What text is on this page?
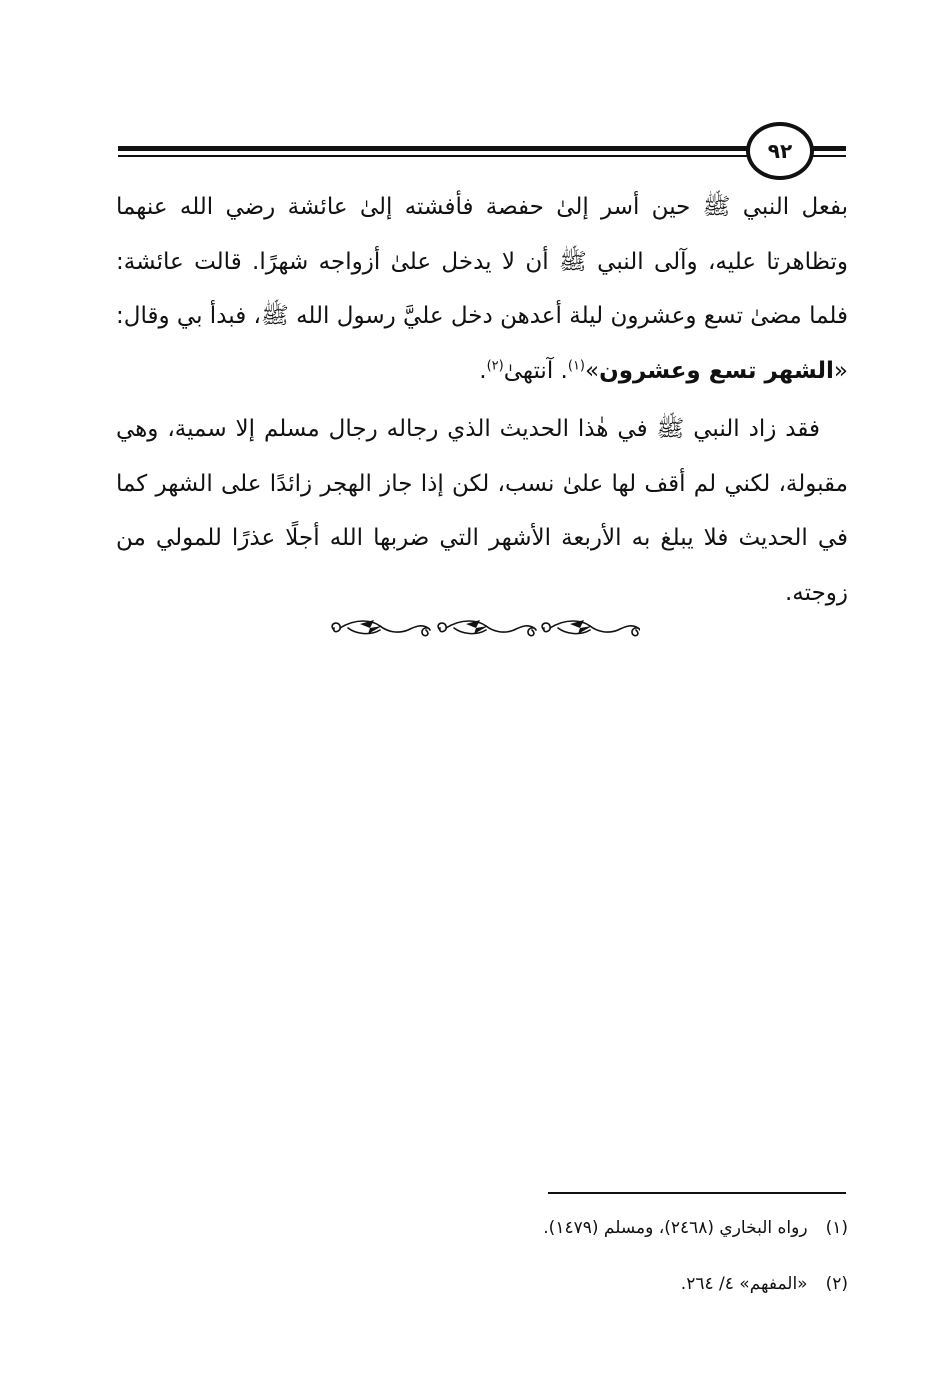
٩٢

بفعل النبي ﷺ حين أسر إلىٰ حفصة فأفشته إلىٰ عائشة رضي الله عنهما وتظاهرتا عليه، وآلى النبي ﷺ أن لا يدخل علىٰ أزواجه شهرًا. قالت عائشة: فلما مضىٰ تسع وعشرون ليلة أعدهن دخل عليَّ رسول الله ﷺ، فبدأ بي وقال: «الشهر تسع وعشرون»$^{(١)}$. آنتهىٰ$^{(٢)}$.

فقد زاد النبي ﷺ في هٰذا الحديث الذي رجاله رجال مسلم إلا سمية، وهي مقبولة، لكني لم أقف لها علىٰ نسب، لكن إذا جاز الهجر زائدًا على الشهر كما في الحديث فلا يبلغ به الأربعة الأشهر التي ضربها الله أجلًا عذرًا للمولي من زوجته.

(١)رواه البخاري (٢٤٦٨)، ومسلم (١٤٧٩).
(٢)«المفهم» ٤/ ٢٦٤.
